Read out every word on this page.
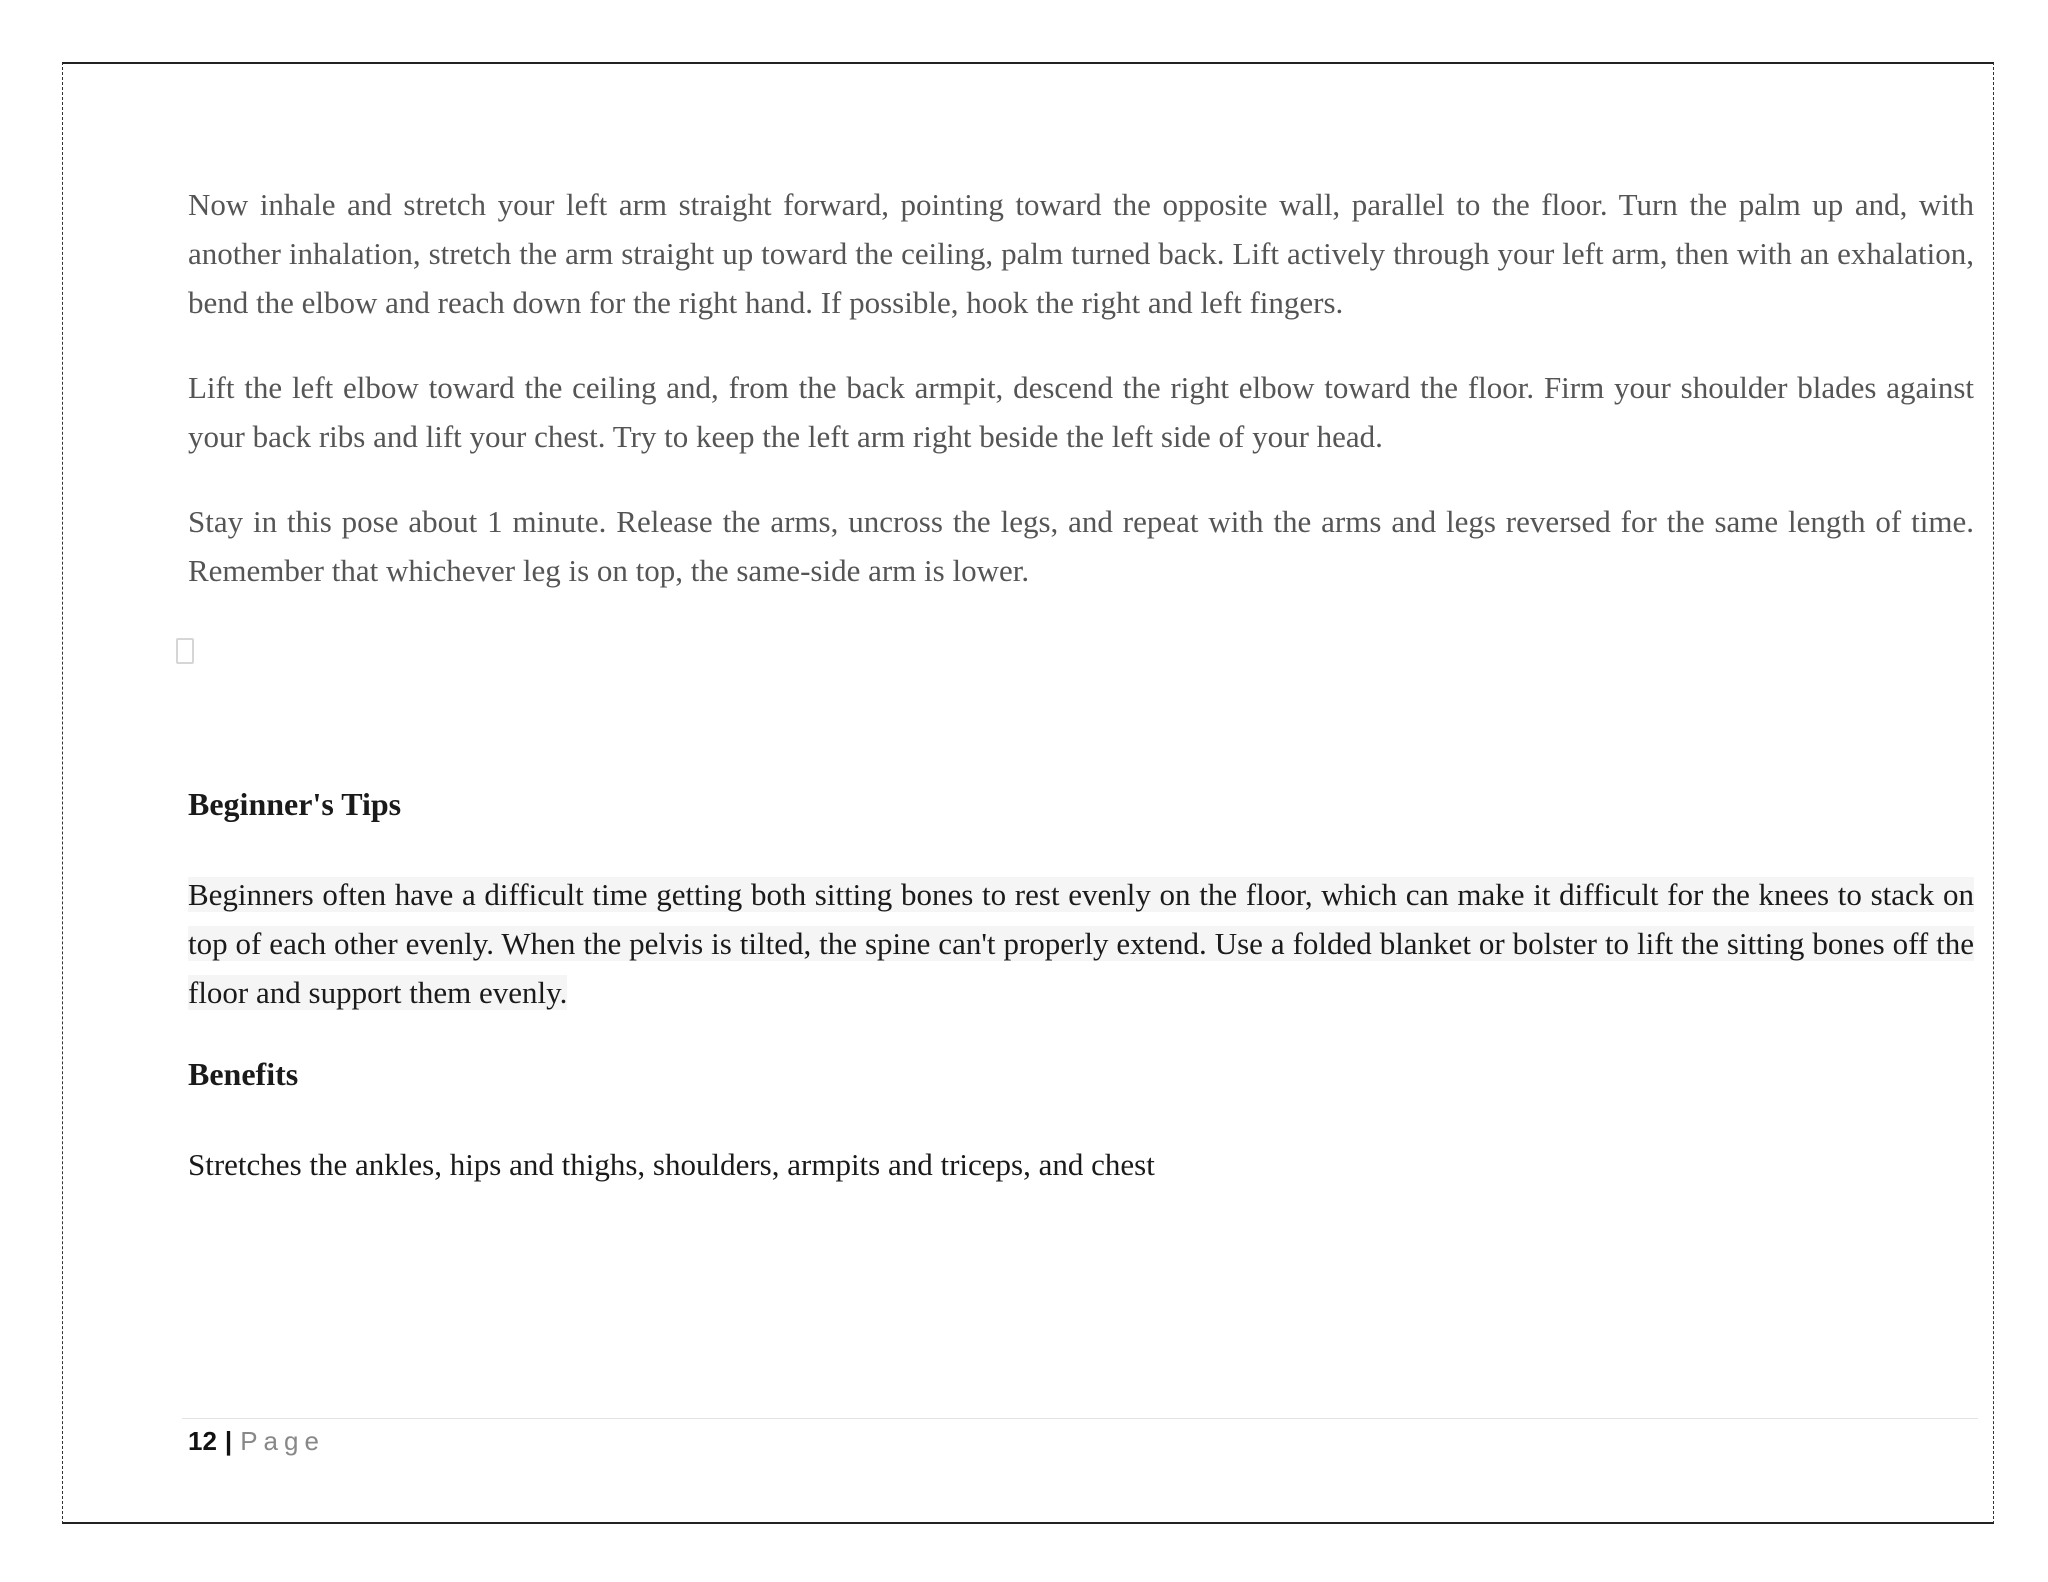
Now inhale and stretch your left arm straight forward, pointing toward the opposite wall, parallel to the floor. Turn the palm up and, with another inhalation, stretch the arm straight up toward the ceiling, palm turned back. Lift actively through your left arm, then with an exhalation, bend the elbow and reach down for the right hand. If possible, hook the right and left fingers.

Lift the left elbow toward the ceiling and, from the back armpit, descend the right elbow toward the floor. Firm your shoulder blades against your back ribs and lift your chest. Try to keep the left arm right beside the left side of your head.

Stay in this pose about 1 minute. Release the arms, uncross the legs, and repeat with the arms and legs reversed for the same length of time. Remember that whichever leg is on top, the same-side arm is lower.

Beginner's Tips

Beginners often have a difficult time getting both sitting bones to rest evenly on the floor, which can make it difficult for the knees to stack on top of each other evenly. When the pelvis is tilted, the spine can't properly extend. Use a folded blanket or bolster to lift the sitting bones off the floor and support them evenly.

Benefits

Stretches the ankles, hips and thighs, shoulders, armpits and triceps, and chest

12 | Page
